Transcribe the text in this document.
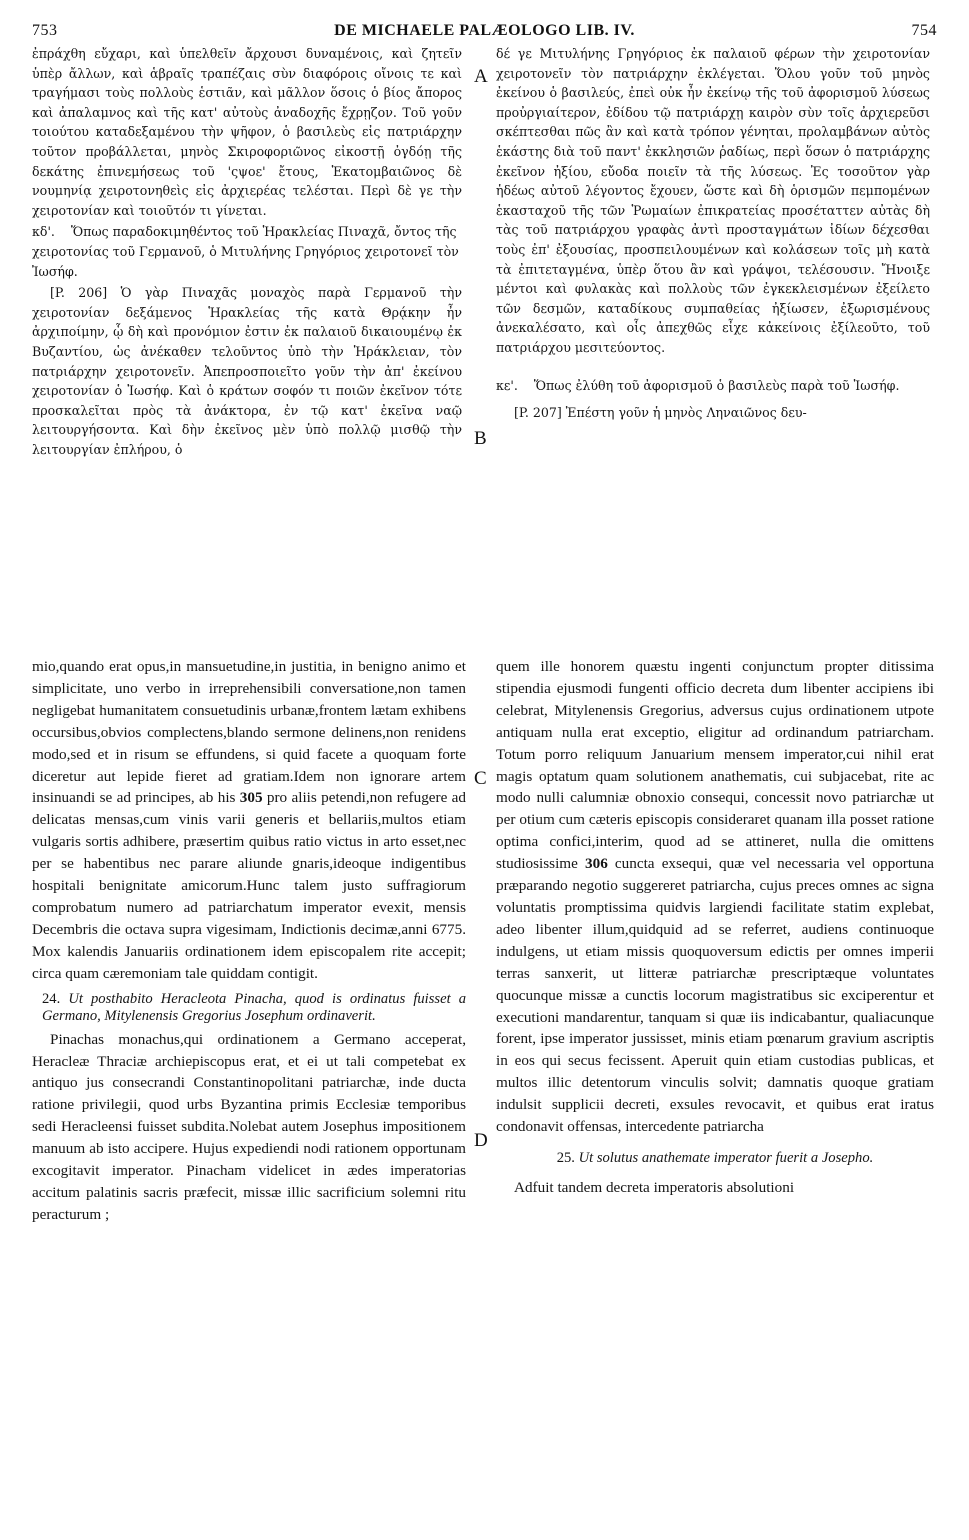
753	DE MICHAELE PALÆOLOGO LIB. IV.	754

ἐπράχθη εὔχαρι, καὶ ὑπελθεῖν ἄρχουσι δυναμένοις, καὶ ζητεῖν ὑπὲρ ἄλλων, καὶ ἁβραῖς τραπέζαις σὺν διαφόροις οἴνοις τε καὶ τραγήμασι τοὺς πολλοὺς ἑστιᾶν, καὶ μᾶλλον ὅσοις ὁ βίος ἄπορος καὶ ἀπαλαμνος καὶ τῆς κατ' αὐτοὺς ἀναδοχῆς ἔχρῃζον. Τοῦ γοῦν τοιούτου καταδεξαμένου τὴν ψῆφον, ὁ βασιλεὺς εἰς πατριάρχην τοῦτον προβάλλεται, μηνὸς Σκιροφοριῶνος εἰκοστῇ ὀγδόῃ τῆς δεκάτης ἐπινεμήσεως τοῦ 'ςψοε' ἔτους, Ἑκατομβαιῶνος δὲ νουμηνίᾳ χειροτονηθεὶς εἰς ἀρχιερέας τελέσται. Περὶ δὲ γε τὴν χειροτονίαν καὶ τοιοῦτόν τι γίνεται.

κδ'. Ὅπως παραδοκιμηθέντος τοῦ Ἡρακλείας Πιναχᾶ, ὄντος τῆς χειροτονίας τοῦ Γερμανοῦ, ὁ Μιτυλήνης Γρηγόριος χειροτονεῖ τὸν Ἰωσήφ.

[P. 206] Ὁ γὰρ Πιναχᾶς μοναχὸς παρὰ Γερμανοῦ τὴν χειροτονίαν δεξάμενος Ἡρακλείας τῆς κατὰ Θρᾴκην ἦν ἀρχιποίμην, ᾧ δὴ καὶ προνόμιον ἐστιν ἐκ παλαιοῦ δικαιουμένῳ ἐκ Βυζαντίου, ὡς ἀνέκαθεν τελοῦντος ὑπὸ τὴν Ἡράκλειαν, τὸν πατριάρχην χειροτονεῖν. Ἀπεπροσποιεῖτο γοῦν τὴν ἀπ' ἐκείνου χειροτονίαν ὁ Ἰωσήφ. Καὶ ὁ κράτων σοφόν τι ποιῶν ἐκεῖνον τότε προσκαλεῖται πρὸς τὰ ἀνάκτορα, ἐν τῷ κατ' ἐκεῖνα ναῷ λειτουργήσοντα. Καὶ δὴν ἐκεῖνος μὲν ὑπὸ πολλῷ μισθῷ τὴν λειτουργίαν ἐπλήρου, ὁ

δέ γε Μιτυλήνης Γρηγόριος ἐκ παλαιοῦ φέρων τὴν χειροτονίαν χειροτονεῖν τὸν πατριάρχην ἐκλέγεται. Ὅλου γοῦν τοῦ μηνὸς ἐκείνου ὁ βασιλεύς, ἐπεὶ οὐκ ἦν ἐκείνῳ τῆς τοῦ ἀφορισμοῦ λύσεως προὐργιαίτερον, ἐδίδου τῷ πατριάρχῃ καιρὸν σὺν τοῖς ἀρχιερεῦσι σκέπτεσθαι πῶς ἂν καὶ κατὰ τρόπον γένηται, προλαμβάνων αὐτὸς ἑκάστης διὰ τοῦ παντ' ἐκκλησιῶν ῥαδίως, περὶ ὅσων ὁ πατριάρχης ἐκεῖνον ἠξίου, εὔοδα ποιεῖν τὰ τῆς λύσεως. Ἐς τοσοῦτον γὰρ ἡδέως αὐτοῦ λέγοντος ἔχουεν, ὥστε καὶ δὴ ὁρισμῶν πεμπομένων ἑκασταχοῦ τῆς τῶν Ῥωμαίων ἐπικρατείας προσέταττεν αὐτὰς δὴ τὰς τοῦ πατριάρχου γραφὰς ἀντὶ προσταγμάτων ἰδίων δέχεσθαι τοὺς ἐπ' ἐξουσίας, προσπειλουμένων καὶ κολάσεων τοῖς μὴ κατὰ τὰ ἐπιτεταγμένα, ὑπὲρ ὅτου ἂν καὶ γράψοι, τελέσουσιν. Ἤνοιξε μέντοι καὶ φυλακὰς καὶ πολλοὺς τῶν ἐγκεκλεισμένων ἐξείλετο τῶν δεσμῶν, καταδίκους συμπαθείας ἠξίωσεν, ἐξωρισμένους ἀνεκαλέσατο, καὶ οἷς ἀπεχθῶς εἶχε κἀκείνοις ἐξίλεοῦτο, τοῦ πατριάρχου μεσιτεύοντος.

κε'. Ὅπως ἐλύθη τοῦ ἀφορισμοῦ ὁ βασιλεὺς παρὰ τοῦ Ἰωσήφ.

[P. 207] Ἐπέστη γοῦν ἡ μηνὸς Ληναιῶνος δευ-

mio,quando erat opus,in mansuetudine,in justitia, in benigno animo et simplicitate, uno verbo in irreprehensibili conversatione,non tamen negligebat humanitatem consuetudinis urbanæ,frontem lætam exhibens occursibus,obvios complectens,blando sermone delinens,non renidens modo,sed et in risum se effundens, si quid facete a quoquam forte diceretur aut lepide fieret ad gratiam.Idem non ignorare artem insinuandi se ad principes, ab his 305 pro aliis petendi,non refugere ad delicatas mensas,cum vinis varii generis et bellariis,multos etiam vulgaris sortis adhibere, præsertim quibus ratio victus in arto esset,nec per se habentibus nec parare aliunde gnaris,ideoque indigentibus hospitali benignitate amicorum.Hunc talem justo suffragiorum comprobatum numero ad patriarchatum imperator evexit, mensis Decembris die octava supra vigesimam, Indictionis decimæ,anni 6775. Mox kalendis Januariis ordinationem idem episcopalem rite accepit; circa quam cæremoniam tale quiddam contigit.

24. Ut posthabito Heracleota Pinacha, quod is ordinatus fuisset a Germano, Mitylenensis Gregorius Josephum ordinaverit.

Pinachas monachus,qui ordinationem a Germano acceperat, Heracleæ Thraciæ archiepiscopus erat, et ei ut tali competebat ex antiquo jus consecrandi Constantinopolitani patriarchæ, inde ducta ratione privilegii, quod urbs Byzantina primis Ecclesiæ temporibus sedi Heracleensi fuisset subdita.Nolebat autem Josephus impositionem manuum ab isto accipere. Hujus expediendi nodi rationem opportunam excogitavit imperator. Pinacham videlicet in ædes imperatorias accitum palatinis sacris præfecit, missæ illic sacrificium solemni ritu peracturum ;

quem ille honorem quæstu ingenti conjunctum propter ditissima stipendia ejusmodi fungenti officio decreta dum libenter accipiens ibi celebrat, Mitylenensis Gregorius, adversus cujus ordinationem utpote antiquam nulla erat exceptio, eligitur ad ordinandum patriarcham. Totum porro reliquum Januarium mensem imperator,cui nihil erat magis optatum quam solutionem anathematis, cui subjacebat, rite ac modo nulli calumniæ obnoxio consequi, concessit novo patriarchæ ut per otium cum cæteris episcopis consideraret quanam illa posset ratione optima confici,interim, quod ad se attineret, nulla die omittens studiosissime 306 cuncta exsequi, quæ vel necessaria vel opportuna præparando negotio suggereret patriarcha, cujus preces omnes ac signa voluntatis promptissima quidvis largiendi facilitate statim explebat, adeo libenter illum,quidquid ad se referret, audiens continuoque indulgens, ut etiam missis quoquoversum edictis per omnes imperii terras sanxerit, ut litteræ patriarchæ prescriptæque voluntates quocunque missæ a cunctis locorum magistratibus sic exciperentur et executioni mandarentur, tanquam si quæ iis indicabantur, qualiacunque forent, ipse imperator jussisset, minis etiam pœnarum gravium ascriptis in eos qui secus fecissent. Aperuit quin etiam custodias publicas, et multos illic detentorum vinculis solvit; damnatis quoque gratiam indulsit supplicii decreti, exsules revocavit, et quibus erat iratus condonavit offensas, intercedente patriarcha

25. Ut solutus anathemate imperator fuerit a Josepho.

Adfuit tandem decreta imperatoris absolutioni

A
B
C
D
